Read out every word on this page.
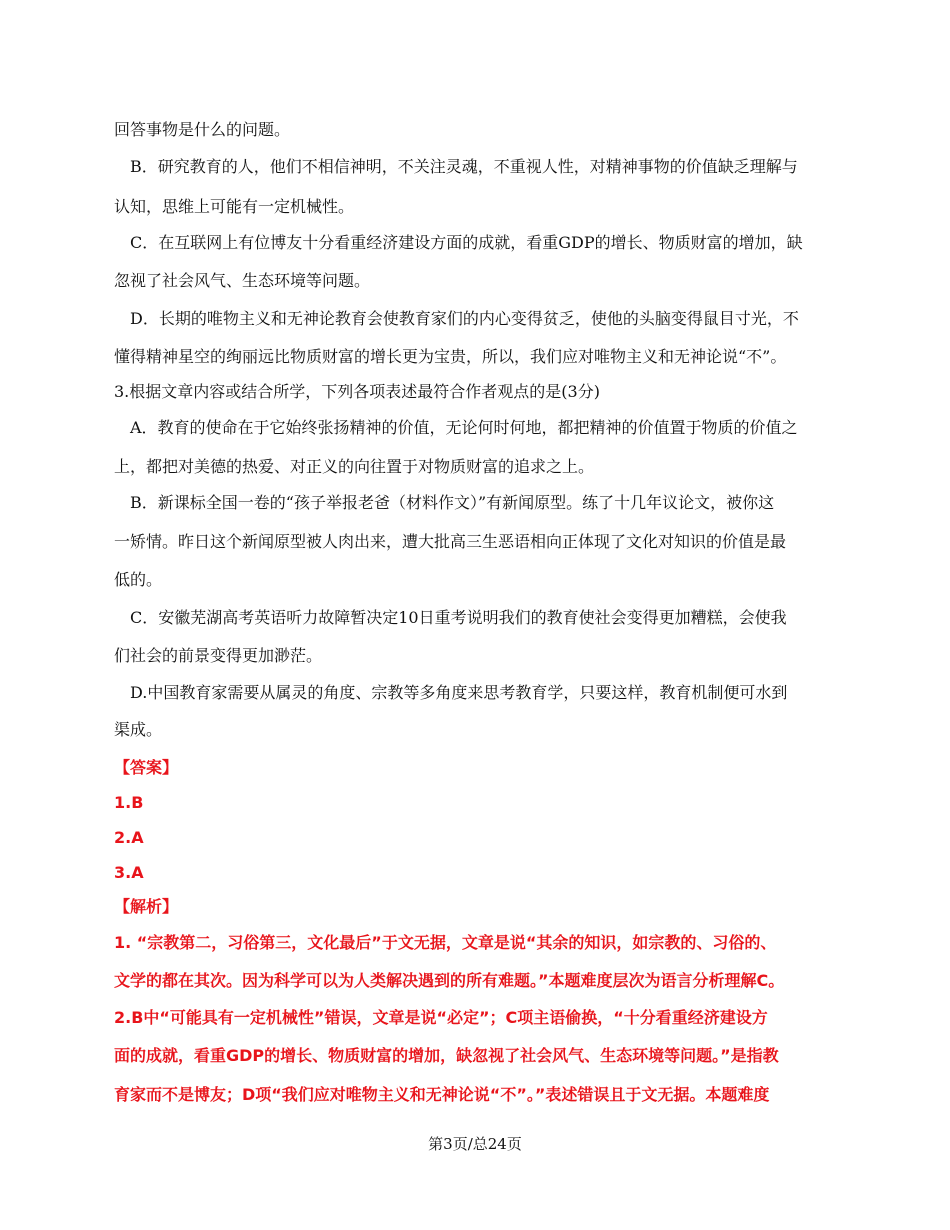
回答事物是什么的问题。
B．研究教育的人，他们不相信神明，不关注灵魂，不重视人性，对精神事物的价值缺乏理解与
认知，思维上可能有一定机械性。
C．在互联网上有位博友十分看重经济建设方面的成就，看重GDP的增长、物质财富的增加，缺
忽视了社会风气、生态环境等问题。
D．长期的唯物主义和无神论教育会使教育家们的内心变得贫乏，使他的头脑变得鼠目寸光，不
懂得精神星空的绚丽远比物质财富的增长更为宝贵，所以，我们应对唯物主义和无神论说“不”。
3.根据文章内容或结合所学，下列各项表述最符合作者观点的是(3分)
A．教育的使命在于它始终张扬精神的价值，无论何时何地，都把精神的价值置于物质的价值之
上，都把对美德的热爱、对正义的向往置于对物质财富的追求之上。
B．新课标全国一卷的“孩子举报老爸（材料作文）”有新闻原型。练了十几年议论文，被你这
一矫情。昨日这个新闻原型被人肉出来，遭大批高三生恶语相向正体现了文化对知识的价值是最
低的。
C．安徽芜湖高考英语听力故障暂决定10日重考说明我们的教育使社会变得更加糟糕，会使我
们社会的前景变得更加渺茫。
D.中国教育家需要从属灵的角度、宗教等多角度来思考教育学，只要这样，教育机制便可水到
渠成。
【答案】
1.B
2.A
3.A
【解析】
1. “宗教第二，习俗第三，文化最后”于文无据，文章是说“其余的知识，如宗教的、习俗的、
文学的都在其次。因为科学可以为人类解决遇到的所有难题。”本题难度层次为语言分析理解C。
2.B中“可能具有一定机械性”错误，文章是说“必定”；C项主语偷换，“十分看重经济建设方
面的成就，看重GDP的增长、物质财富的增加，缺忽视了社会风气、生态环境等问题。”是指教
育家而不是博友；D项“我们应对唯物主义和无神论说“不”。”表述错误且于文无据。本题难度
第3页/总24页
